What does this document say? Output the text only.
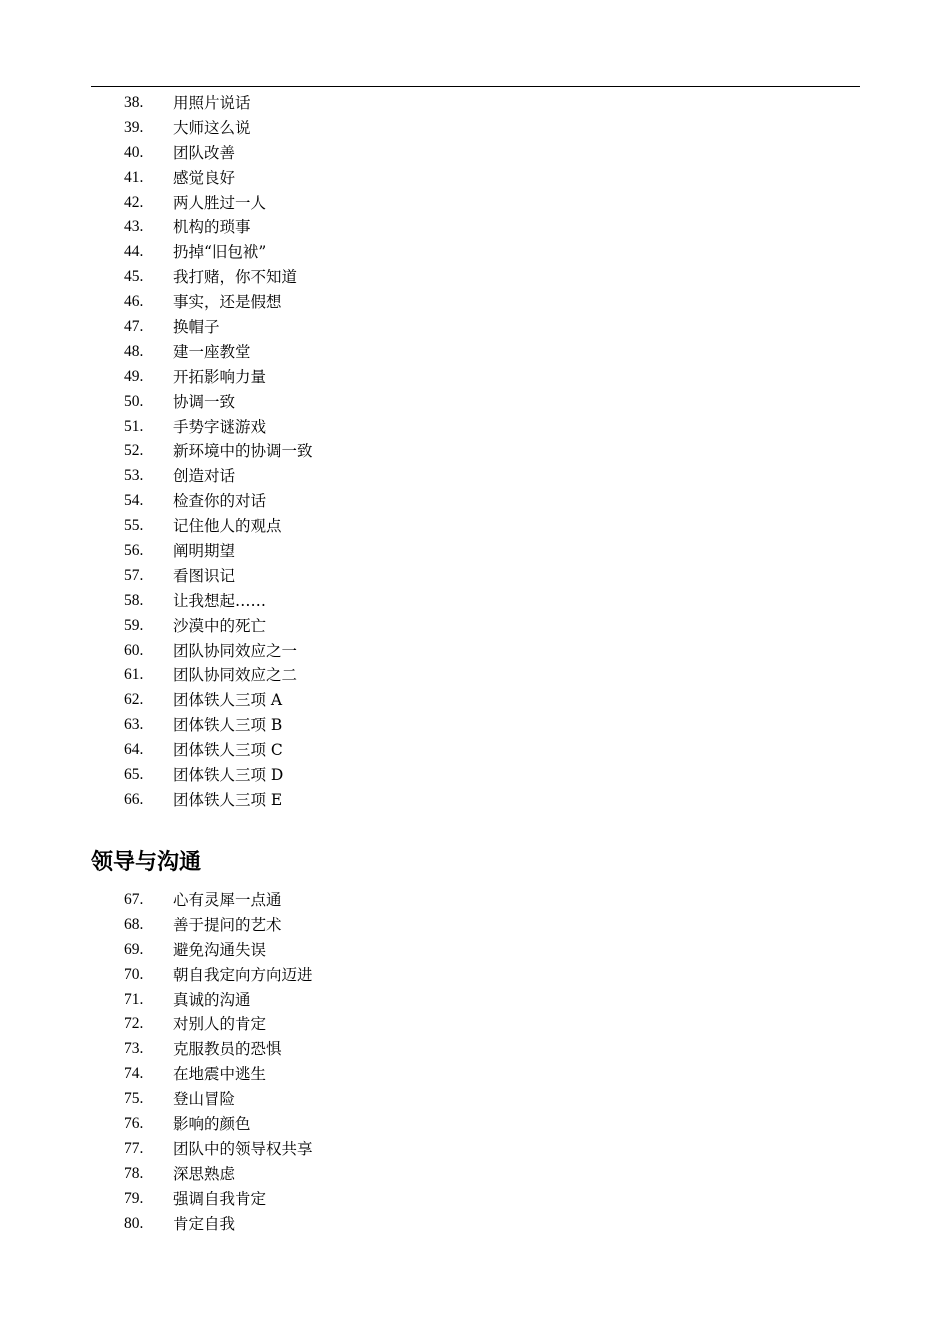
38. 用照片说话
39. 大师这么说
40. 团队改善
41. 感觉良好
42. 两人胜过一人
43. 机构的琐事
44. 扔掉“旧包袱”
45. 我打赌，你不知道
46. 事实，还是假想
47. 换帽子
48. 建一座教堂
49. 开拓影响力量
50. 协调一致
51. 手势字谜游戏
52. 新环境中的协调一致
53. 创造对话
54. 检查你的对话
55. 记住他人的观点
56. 阐明期望
57. 看图识记
58. 让我想起……
59. 沙漠中的死亡
60. 团队协同效应之一
61. 团队协同效应之二
62. 团体铁人三项 A
63. 团体铁人三项 B
64. 团体铁人三项 C
65. 团体铁人三项 D
66. 团体铁人三项 E
领导与沟通
67. 心有灵犀一点通
68. 善于提问的艺术
69. 避免沟通失误
70. 朝自我定向方向迈进
71. 真诚的沟通
72. 对别人的肯定
73. 克服教员的恐惧
74. 在地震中逃生
75. 登山冒险
76. 影响的颜色
77. 团队中的领导权共享
78. 深思熟虑
79. 强调自我肯定
80. 肯定自我
